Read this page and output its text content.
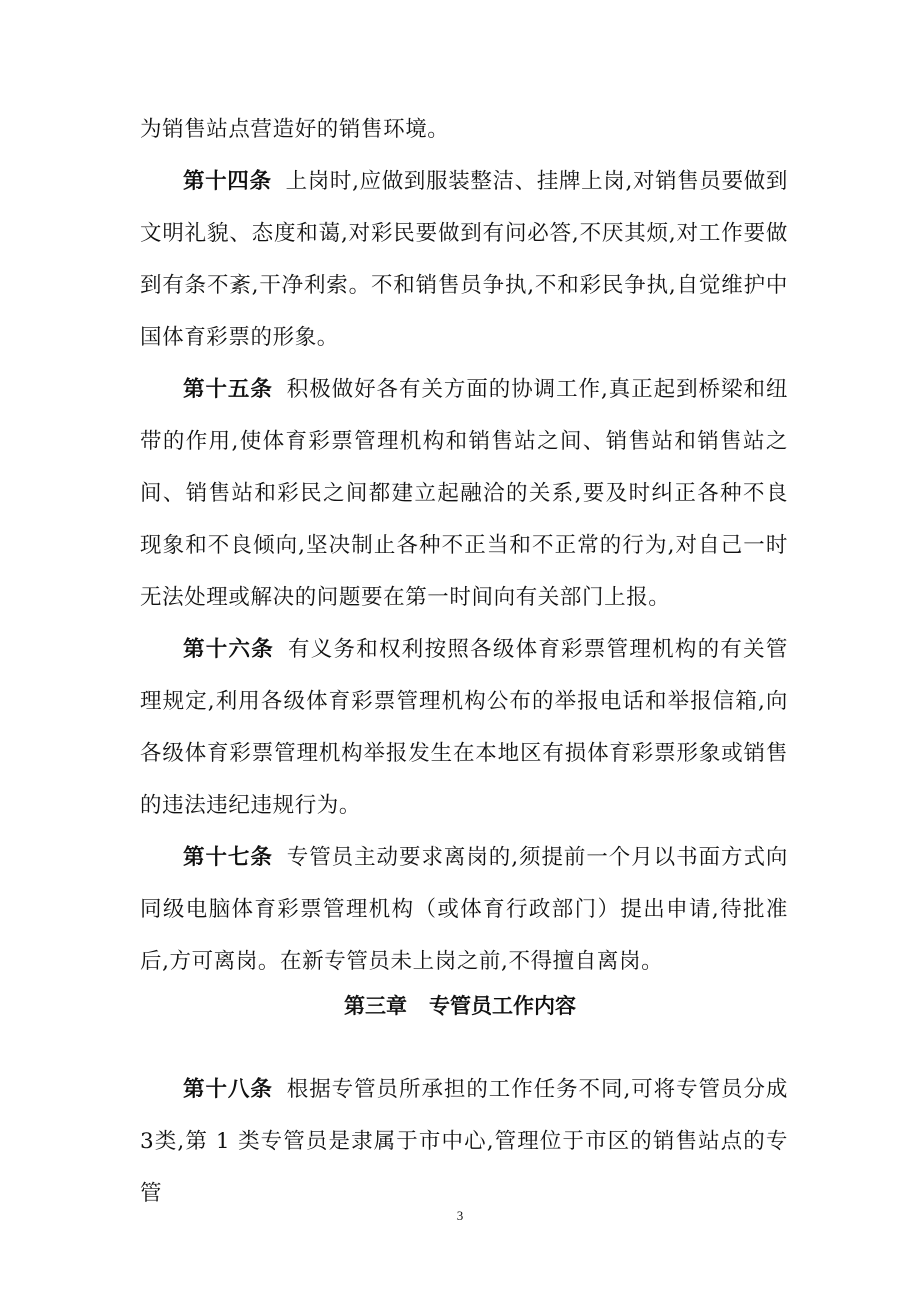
为销售站点营造好的销售环境。

第十四条 上岗时,应做到服装整洁、挂牌上岗,对销售员要做到文明礼貌、态度和蔼,对彩民要做到有问必答,不厌其烦,对工作要做到有条不紊,干净利索。不和销售员争执,不和彩民争执,自觉维护中国体育彩票的形象。

第十五条 积极做好各有关方面的协调工作,真正起到桥梁和纽带的作用,使体育彩票管理机构和销售站之间、销售站和销售站之间、销售站和彩民之间都建立起融洽的关系,要及时纠正各种不良现象和不良倾向,坚决制止各种不正当和不正常的行为,对自己一时无法处理或解决的问题要在第一时间向有关部门上报。

第十六条 有义务和权利按照各级体育彩票管理机构的有关管理规定,利用各级体育彩票管理机构公布的举报电话和举报信箱,向各级体育彩票管理机构举报发生在本地区有损体育彩票形象或销售的违法违纪违规行为。

第十七条 专管员主动要求离岗的,须提前一个月以书面方式向同级电脑体育彩票管理机构（或体育行政部门）提出申请,待批准后,方可离岗。在新专管员未上岗之前,不得擅自离岗。

第三章 专管员工作内容

第十八条 根据专管员所承担的工作任务不同,可将专管员分成3类,第 1 类专管员是隶属于市中心,管理位于市区的销售站点的专管

3
